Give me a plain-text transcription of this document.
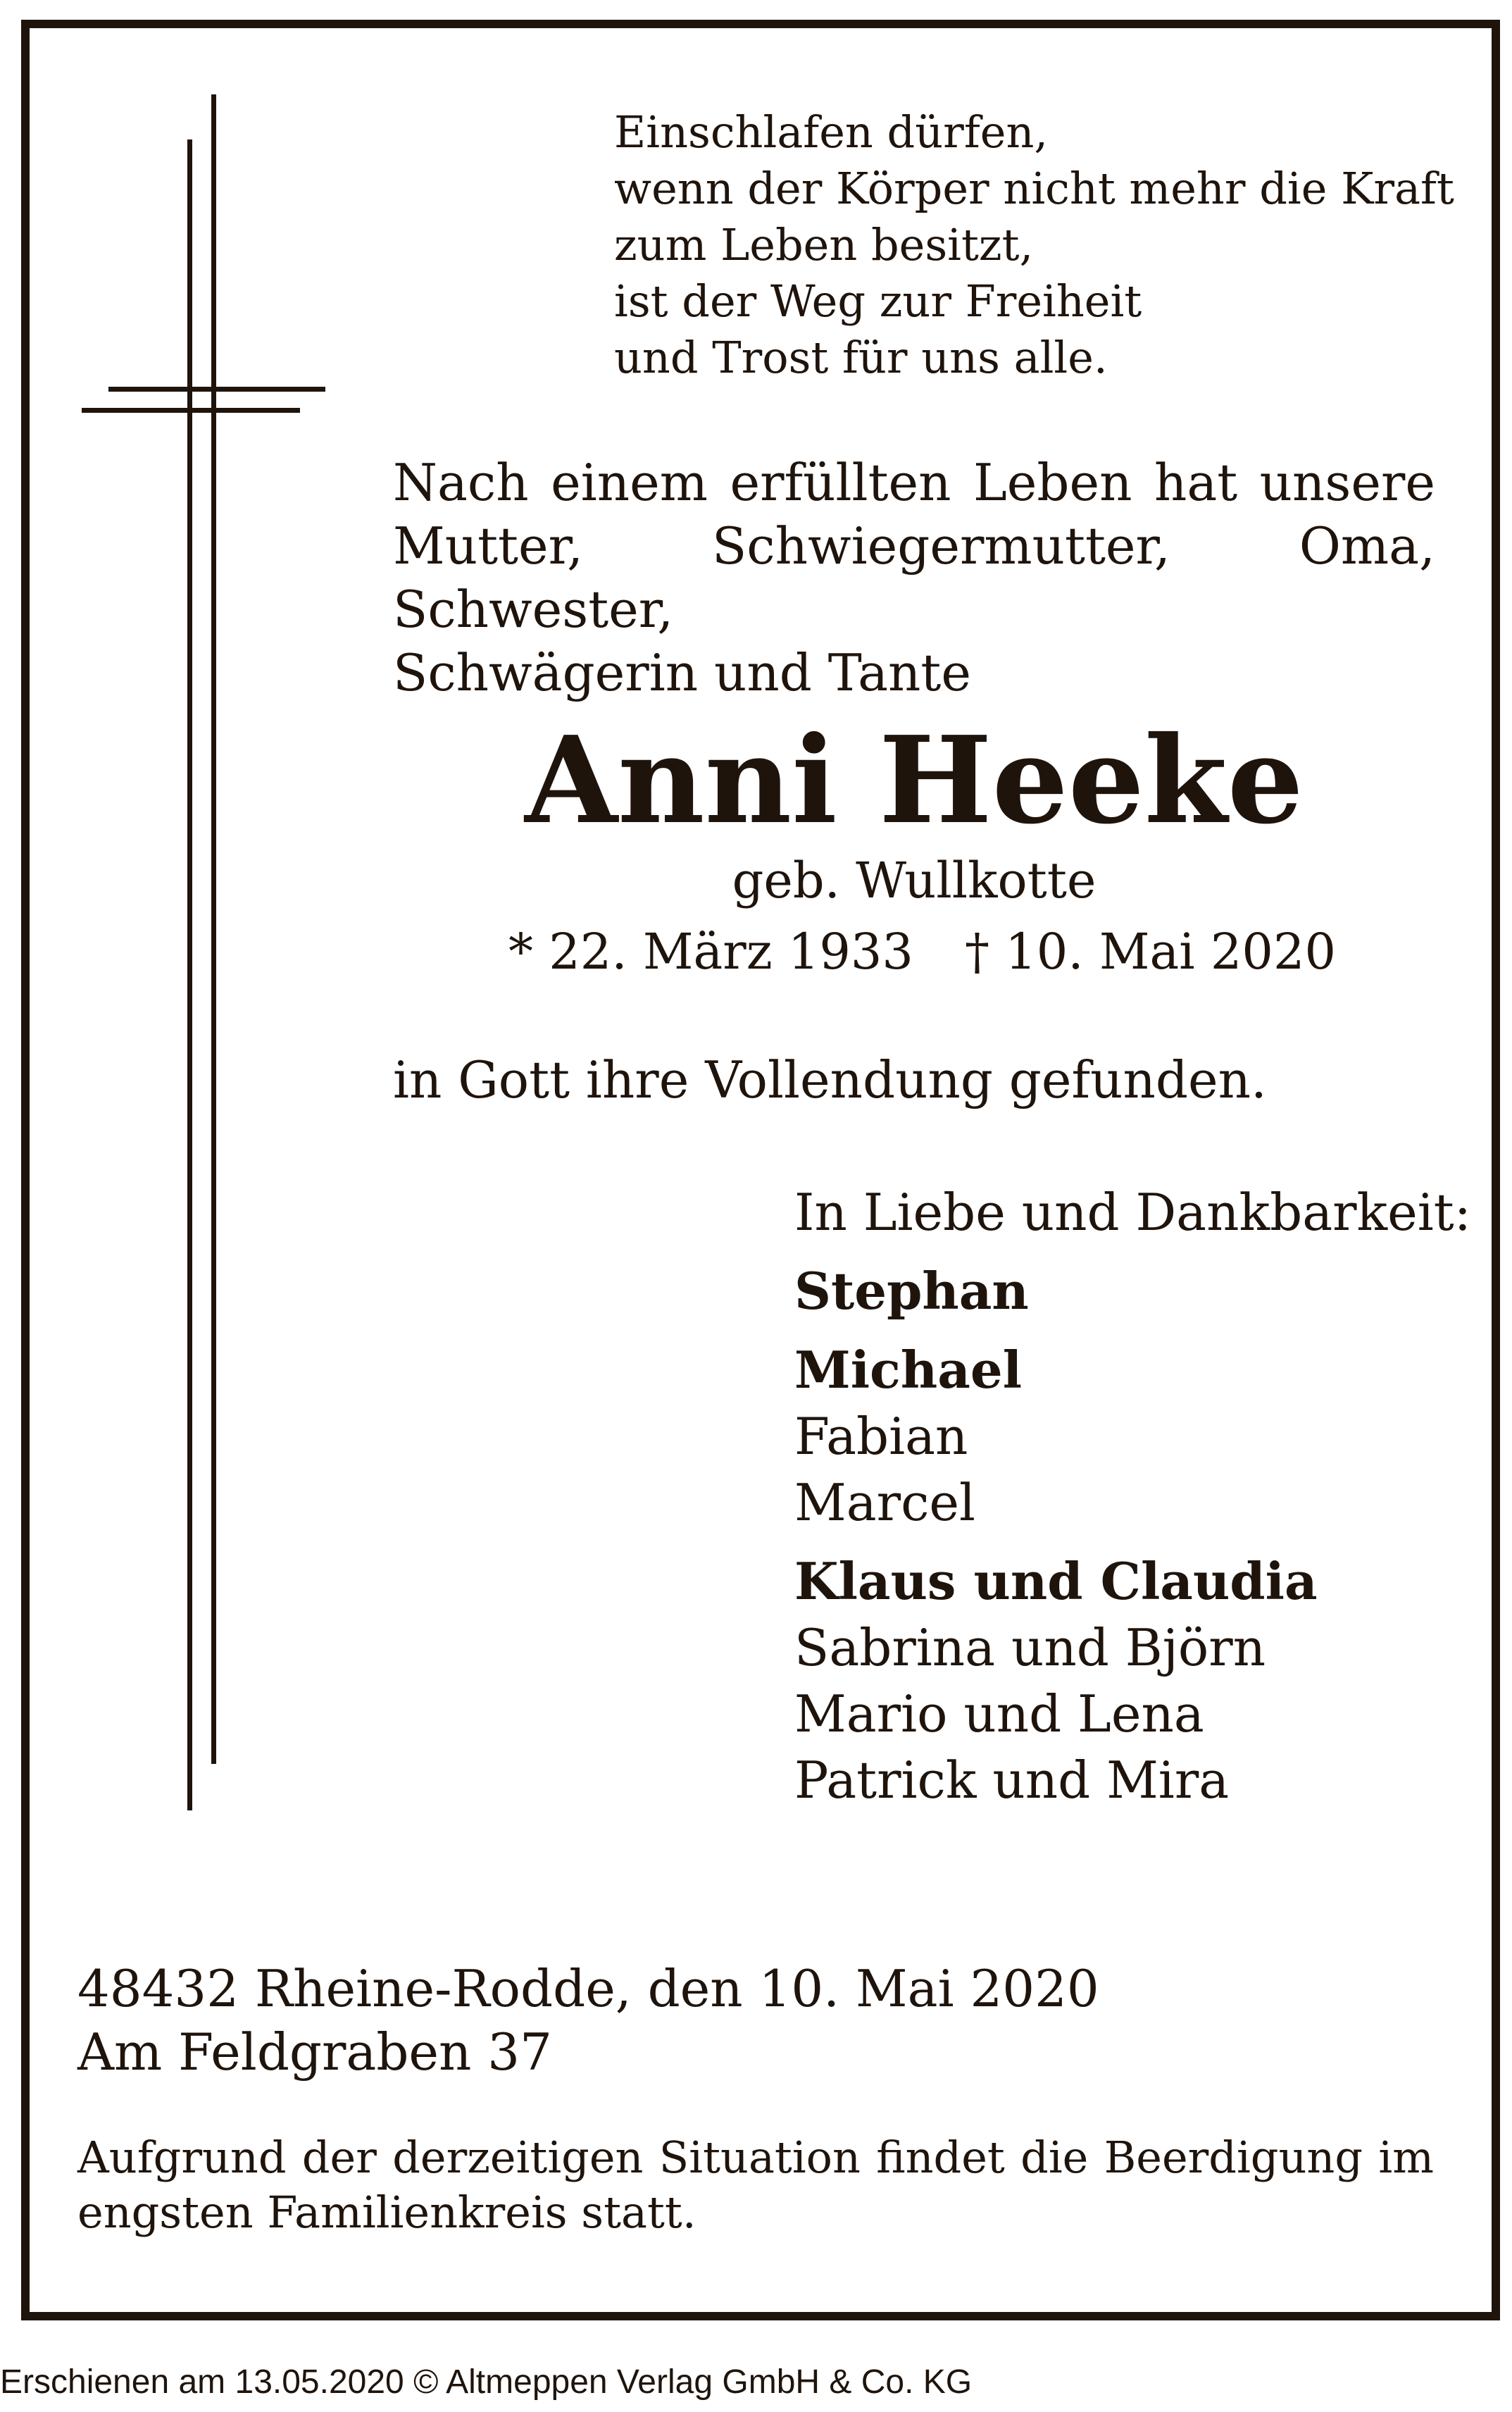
Einschlafen dürfen,
wenn der Körper nicht mehr die Kraft
zum Leben besitzt,
ist der Weg zur Freiheit
und Trost für uns alle.
Nach einem erfüllten Leben hat unsere
Mutter, Schwiegermutter, Oma, Schwester,
Schwägerin und Tante
Anni Heeke
geb. Wullkotte
* 22. März 1933 † 10. Mai 2020
in Gott ihre Vollendung gefunden.
In Liebe und Dankbarkeit:
Stephan
Michael
Fabian
Marcel
Klaus und Claudia
Sabrina und Björn
Mario und Lena
Patrick und Mira
48432 Rheine-Rodde, den 10. Mai 2020
Am Feldgraben 37
Aufgrund der derzeitigen Situation findet die Beerdigung im
engsten Familienkreis statt.
Erschienen am 13.05.2020 © Altmeppen Verlag GmbH & Co. KG
